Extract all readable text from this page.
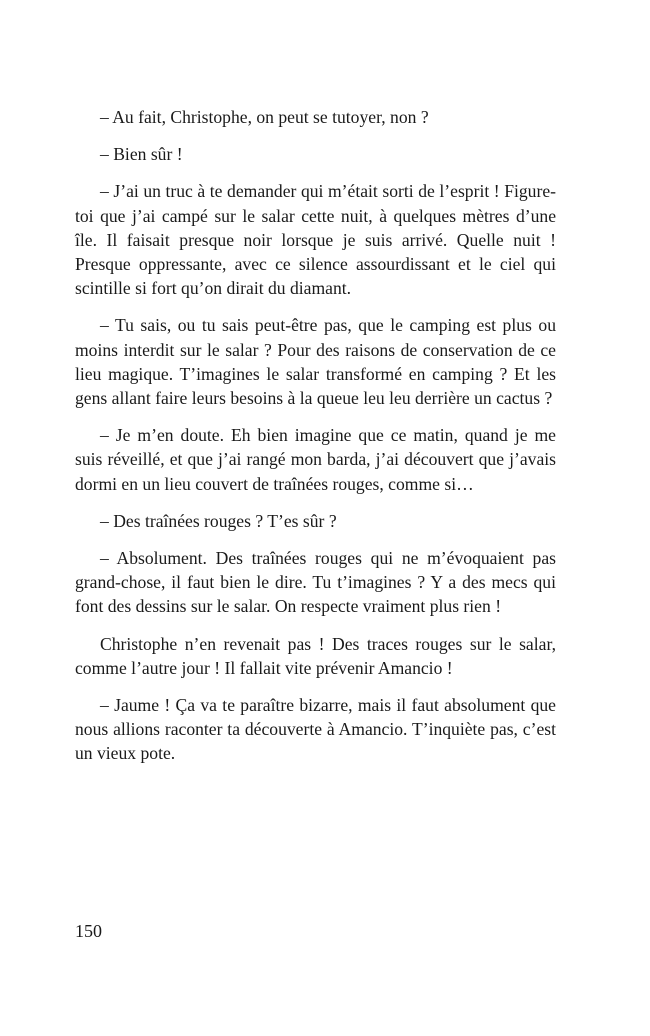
– Au fait, Christophe, on peut se tutoyer, non ?

– Bien sûr !

– J’ai un truc à te demander qui m’était sorti de l’esprit ! Figure-toi que j’ai campé sur le salar cette nuit, à quelques mètres d’une île. Il faisait presque noir lorsque je suis arrivé. Quelle nuit ! Presque oppressante, avec ce silence assourdissant et le ciel qui scintille si fort qu’on dirait du diamant.

– Tu sais, ou tu sais peut-être pas, que le camping est plus ou moins interdit sur le salar ? Pour des raisons de conservation de ce lieu magique. T’imagines le salar transformé en camping ? Et les gens allant faire leurs besoins à la queue leu leu derrière un cactus ?

– Je m’en doute. Eh bien imagine que ce matin, quand je me suis réveillé, et que j’ai rangé mon barda, j’ai découvert que j’avais dormi en un lieu couvert de traînées rouges, comme si…

– Des traînées rouges ? T’es sûr ?

– Absolument. Des traînées rouges qui ne m’évoquaient pas grand-chose, il faut bien le dire. Tu t’imagines ? Y a des mecs qui font des dessins sur le salar. On respecte vraiment plus rien !

Christophe n’en revenait pas ! Des traces rouges sur le salar, comme l’autre jour ! Il fallait vite prévenir Amancio !

– Jaume ! Ça va te paraître bizarre, mais il faut absolument que nous allions raconter ta découverte à Amancio. T’inquiète pas, c’est un vieux pote.

150
